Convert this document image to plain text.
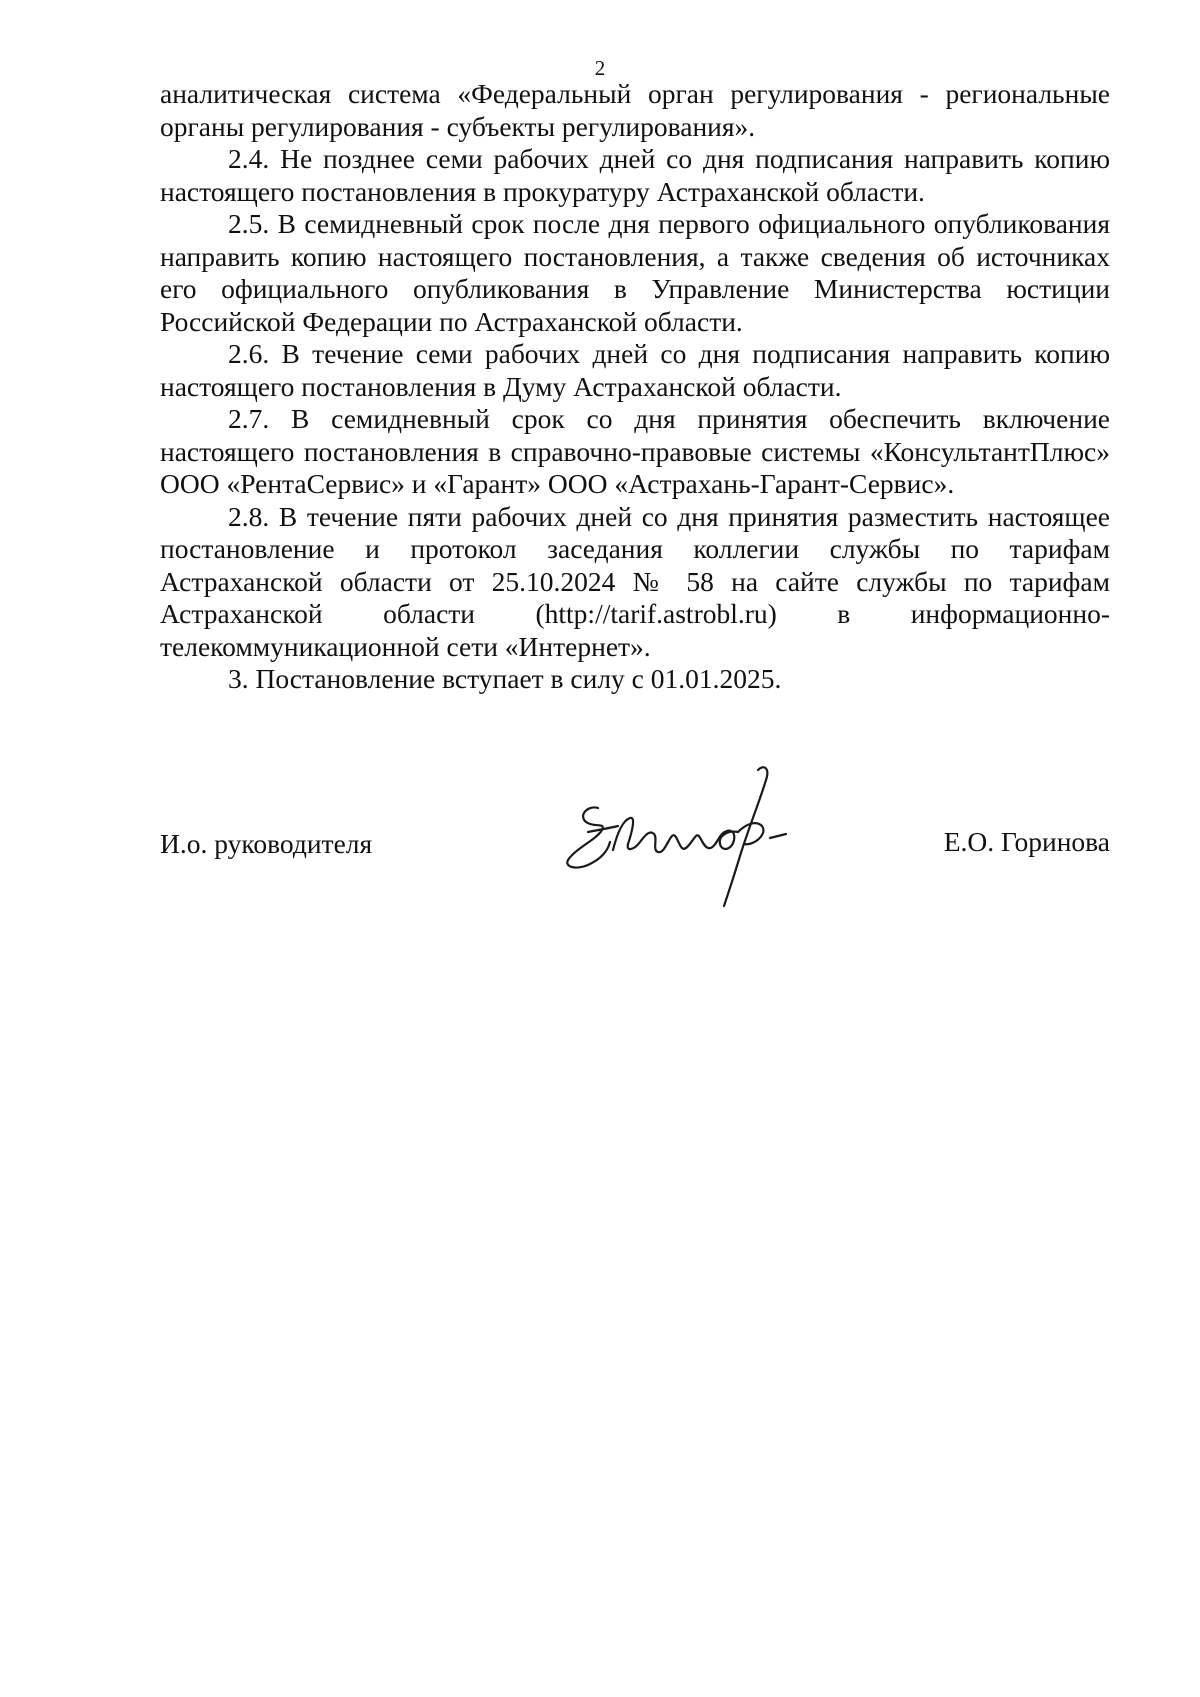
2

аналитическая система «Федеральный орган регулирования - региональные органы регулирования - субъекты регулирования».

2.4. Не позднее семи рабочих дней со дня подписания направить копию настоящего постановления в прокуратуру Астраханской области.

2.5. В семидневный срок после дня первого официального опубликования направить копию настоящего постановления, а также сведения об источниках его официального опубликования в Управление Министерства юстиции Российской Федерации по Астраханской области.

2.6. В течение семи рабочих дней со дня подписания направить копию настоящего постановления в Думу Астраханской области.

2.7. В семидневный срок со дня принятия обеспечить включение настоящего постановления в справочно-правовые системы «КонсультантПлюс» ООО «РентаСервис» и «Гарант» ООО «Астрахань-Гарант-Сервис».

2.8. В течение пяти рабочих дней со дня принятия разместить настоящее постановление и протокол заседания коллегии службы по тарифам Астраханской области от 25.10.2024 № 58 на сайте службы по тарифам Астраханской области (http://tarif.astrobl.ru) в информационно-телекоммуникационной сети «Интернет».

3. Постановление вступает в силу с 01.01.2025.

И.о. руководителя	Е.О. Горинова
